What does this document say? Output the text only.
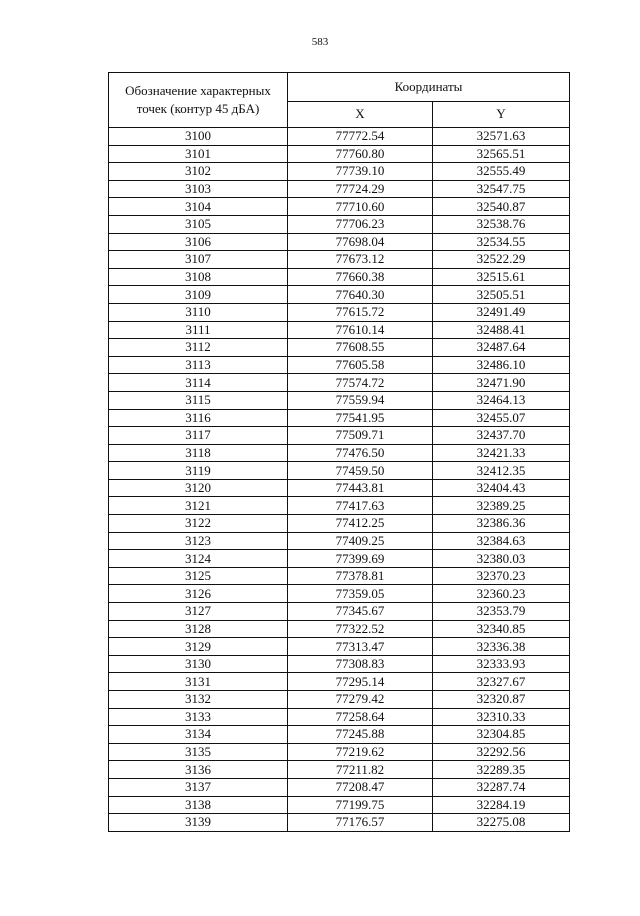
583
Обозначение характерных точек (контур 45 дБА)	Координаты	
	X	Y
3100	77772.54	32571.63
3101	77760.80	32565.51
3102	77739.10	32555.49
3103	77724.29	32547.75
3104	77710.60	32540.87
3105	77706.23	32538.76
3106	77698.04	32534.55
3107	77673.12	32522.29
3108	77660.38	32515.61
3109	77640.30	32505.51
3110	77615.72	32491.49
3111	77610.14	32488.41
3112	77608.55	32487.64
3113	77605.58	32486.10
3114	77574.72	32471.90
3115	77559.94	32464.13
3116	77541.95	32455.07
3117	77509.71	32437.70
3118	77476.50	32421.33
3119	77459.50	32412.35
3120	77443.81	32404.43
3121	77417.63	32389.25
3122	77412.25	32386.36
3123	77409.25	32384.63
3124	77399.69	32380.03
3125	77378.81	32370.23
3126	77359.05	32360.23
3127	77345.67	32353.79
3128	77322.52	32340.85
3129	77313.47	32336.38
3130	77308.83	32333.93
3131	77295.14	32327.67
3132	77279.42	32320.87
3133	77258.64	32310.33
3134	77245.88	32304.85
3135	77219.62	32292.56
3136	77211.82	32289.35
3137	77208.47	32287.74
3138	77199.75	32284.19
3139	77176.57	32275.08
